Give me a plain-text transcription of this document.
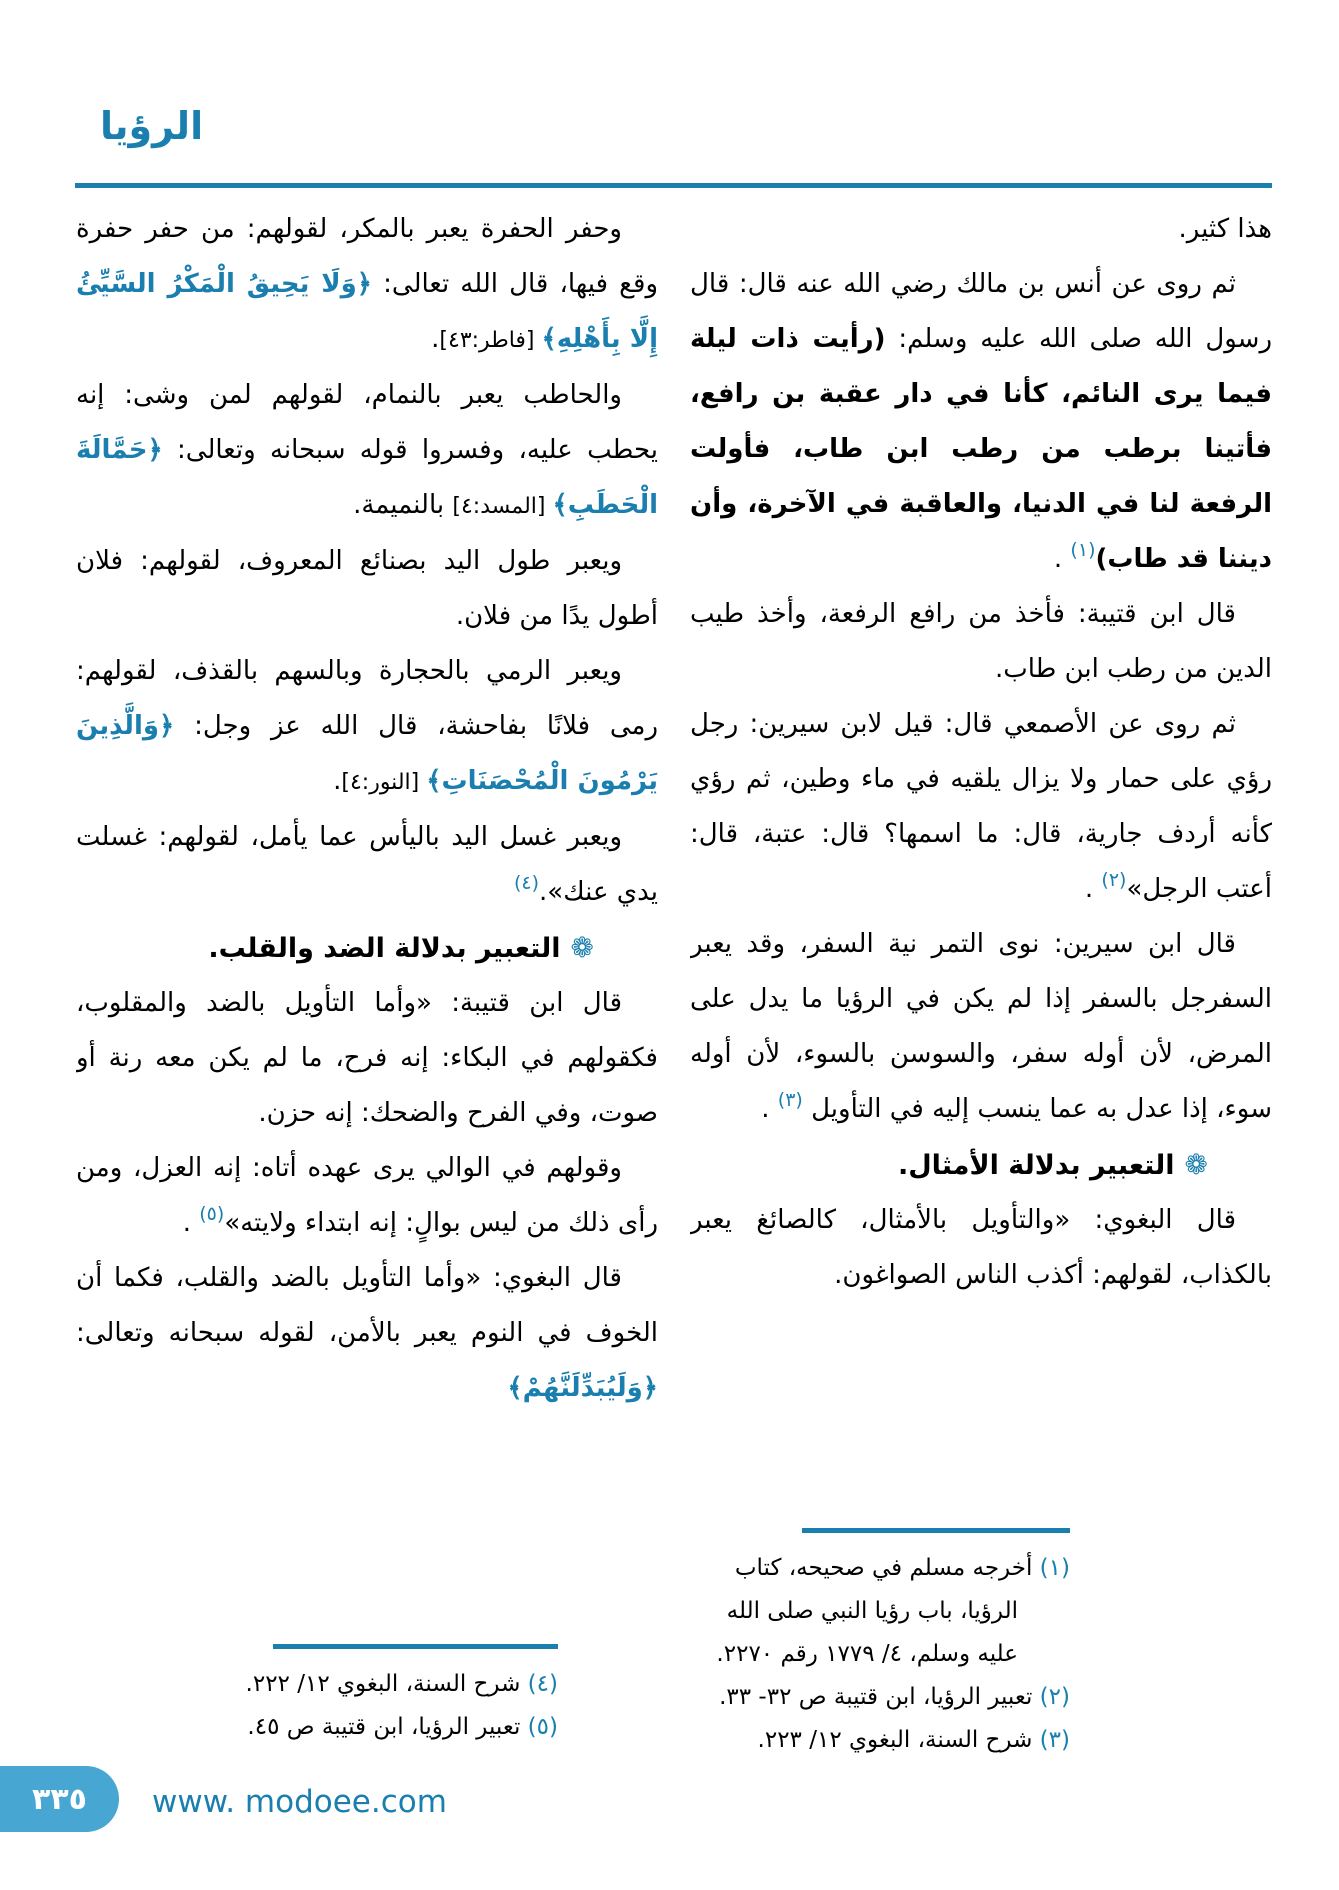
الرؤيا

هذا كثير.

ثم روى عن أنس بن مالك رضي الله عنه قال: قال رسول الله صلى الله عليه وسلم: (رأيت ذات ليلة فيما يرى النائم، كأنا في دار عقبة بن رافع، فأتينا برطب من رطب ابن طاب، فأولت الرفعة لنا في الدنيا، والعاقبة في الآخرة، وأن ديننا قد طاب)$^{(١)}$ .

قال ابن قتيبة: فأخذ من رافع الرفعة، وأخذ طيب الدين من رطب ابن طاب.

ثم روى عن الأصمعي قال: قيل لابن سيرين: رجل رؤي على حمار ولا يزال يلقيه في ماء وطين، ثم رؤي كأنه أردف جارية، قال: ما اسمها؟ قال: عتبة، قال: أعتب الرجل»$^{(٢)}$ .

قال ابن سيرين: نوى التمر نية السفر، وقد يعبر السفرجل بالسفر إذا لم يكن في الرؤيا ما يدل على المرض، لأن أوله سفر، والسوسن بالسوء، لأن أوله سوء، إذا عدل به عما ينسب إليه في التأويل $^{(٣)}$ .

❁التعبير بدلالة الأمثال.

قال البغوي: «والتأويل بالأمثال، كالصائغ يعبر بالكذاب، لقولهم: أكذب الناس الصواغون.

وحفر الحفرة يعبر بالمكر، لقولهم: من حفر حفرة وقع فيها، قال الله تعالى: ﴿وَلَا يَحِيقُ الْمَكْرُ السَّيِّئُ إِلَّا بِأَهْلِهِ﴾ [فاطر:٤٣].

والحاطب يعبر بالنمام، لقولهم لمن وشى: إنه يحطب عليه، وفسروا قوله سبحانه وتعالى: ﴿حَمَّالَةَ الْحَطَبِ﴾ [المسد:٤] بالنميمة.

ويعبر طول اليد بصنائع المعروف، لقولهم: فلان أطول يدًا من فلان.

ويعبر الرمي بالحجارة وبالسهم بالقذف، لقولهم: رمى فلانًا بفاحشة، قال الله عز وجل: ﴿وَالَّذِينَ يَرْمُونَ الْمُحْصَنَاتِ﴾ [النور:٤].

ويعبر غسل اليد باليأس عما يأمل، لقولهم: غسلت يدي عنك».$^{(٤)}$

❁التعبير بدلالة الضد والقلب.

قال ابن قتيبة: «وأما التأويل بالضد والمقلوب، فكقولهم في البكاء: إنه فرح، ما لم يكن معه رنة أو صوت، وفي الفرح والضحك: إنه حزن.

وقولهم في الوالي يرى عهده أتاه: إنه العزل، ومن رأى ذلك من ليس بوالٍ: إنه ابتداء ولايته»$^{(٥)}$ .

قال البغوي: «وأما التأويل بالضد والقلب، فكما أن الخوف في النوم يعبر بالأمن، لقوله سبحانه وتعالى: ﴿وَلَيُبَدِّلَنَّهُمْ﴾

(١) أخرجه مسلم في صحيحه، كتاب الرؤيا، باب رؤيا النبي صلى الله عليه وسلم، ٤/ ١٧٧٩ رقم ٢٢٧٠.
(٢) تعبير الرؤيا، ابن قتيبة ص ٣٢- ٣٣.
(٣) شرح السنة، البغوي ١٢/ ٢٢٣.
(٤) شرح السنة، البغوي ١٢/ ٢٢٢.
(٥) تعبير الرؤيا، ابن قتيبة ص ٤٥.
٣٣٥ www. modoee.com
